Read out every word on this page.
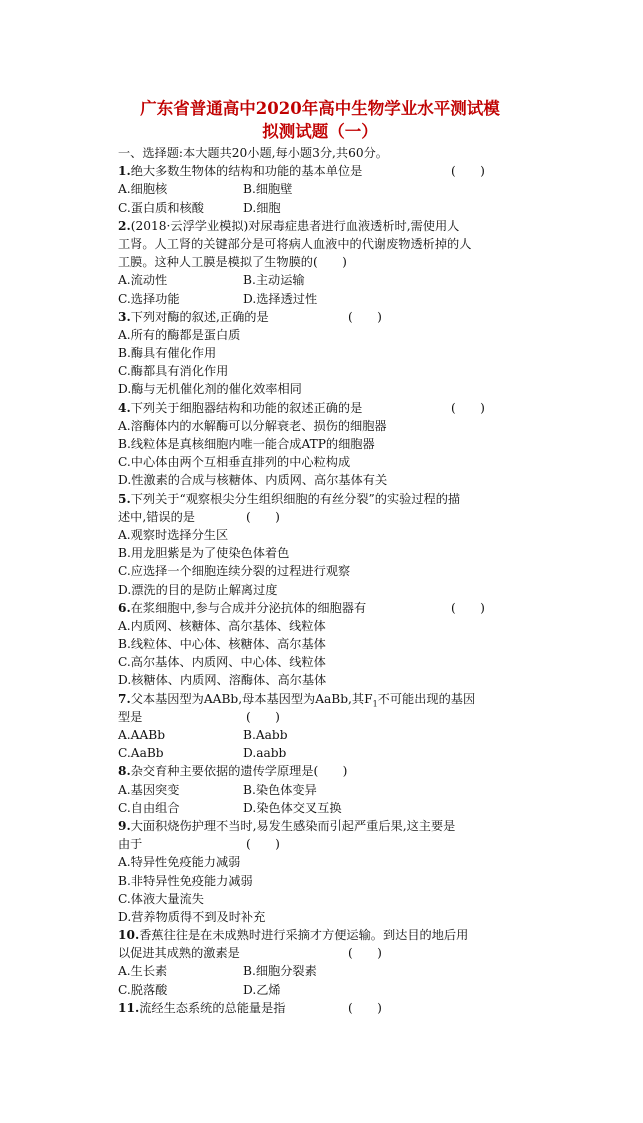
广东省普通高中2020年高中生物学业水平测试模
拟测试题（一）
一、选择题:本大题共20小题,每小题3分,共60分。
1.绝大多数生物体的结构和功能的基本单位是	(　　)
A.细胞核	B.细胞壁
C.蛋白质和核酸	D.细胞
2.(2018·云浮学业模拟)对尿毒症患者进行血液透析时,需使用人
工肾。人工肾的关键部分是可将病人血液中的代谢废物透析掉的人
工膜。这种人工膜是模拟了生物膜的(　　)
A.流动性	B.主动运输
C.选择功能	D.选择透过性
3.下列对酶的叙述,正确的是	(　　)
A.所有的酶都是蛋白质
B.酶具有催化作用
C.酶都具有消化作用
D.酶与无机催化剂的催化效率相同
4.下列关于细胞器结构和功能的叙述正确的是	(　　)
A.溶酶体内的水解酶可以分解衰老、损伤的细胞器
B.线粒体是真核细胞内唯一能合成ATP的细胞器
C.中心体由两个互相垂直排列的中心粒构成
D.性激素的合成与核糖体、内质网、高尔基体有关
5.下列关于“观察根尖分生组织细胞的有丝分裂”的实验过程的描
述中,错误的是	(　　)
A.观察时选择分生区
B.用龙胆紫是为了使染色体着色
C.应选择一个细胞连续分裂的过程进行观察
D.漂洗的目的是防止解离过度
6.在浆细胞中,参与合成并分泌抗体的细胞器有	(　　)
A.内质网、核糖体、高尔基体、线粒体
B.线粒体、中心体、核糖体、高尔基体
C.高尔基体、内质网、中心体、线粒体
D.核糖体、内质网、溶酶体、高尔基体
7.父本基因型为AABb,母本基因型为AaBb,其$F_1$不可能出现的基因
型是	(　　)
A.AABb	B.Aabb
C.AaBb	D.aabb
8.杂交育种主要依据的遗传学原理是(　　)
A.基因突变	B.染色体变异
C.自由组合	D.染色体交叉互换
9.大面积烧伤护理不当时,易发生感染而引起严重后果,这主要是
由于	(　　)
A.特异性免疫能力减弱
B.非特异性免疫能力减弱
C.体液大量流失
D.营养物质得不到及时补充
10.香蕉往往是在未成熟时进行采摘才方便运输。到达目的地后用
以促进其成熟的激素是	(　　)
A.生长素	B.细胞分裂素
C.脱落酸	D.乙烯
11.流经生态系统的总能量是指	(　　)
